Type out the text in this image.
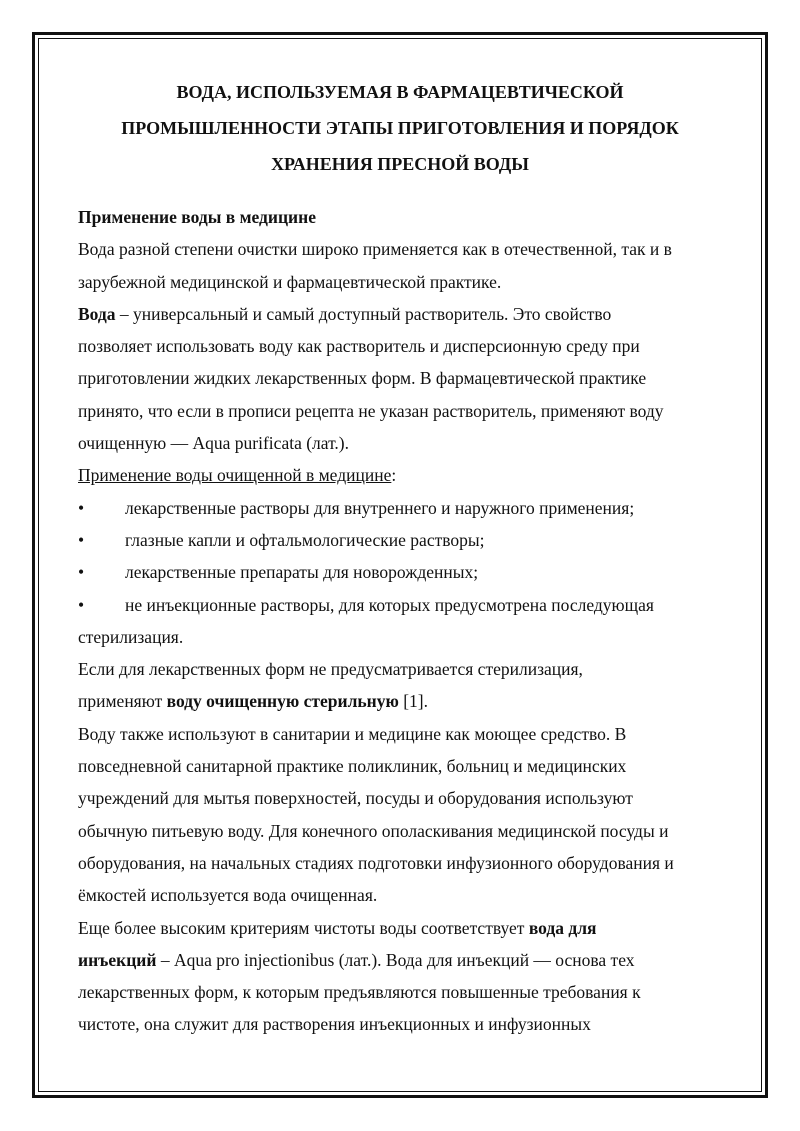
ВОДА, ИСПОЛЬЗУЕМАЯ В ФАРМАЦЕВТИЧЕСКОЙ
ПРОМЫШЛЕННОСТИ ЭТАПЫ ПРИГОТОВЛЕНИЯ И ПОРЯДОК
ХРАНЕНИЯ ПРЕСНОЙ ВОДЫ
Применение воды в медицине
Вода разной степени очистки широко применяется как в отечественной, так и в
зарубежной медицинской и фармацевтической практике.
Вода – универсальный и самый доступный растворитель. Это свойство
позволяет использовать воду как растворитель и дисперсионную среду при
приготовлении жидких лекарственных форм. В фармацевтической практике
принято, что если в прописи рецепта не указан растворитель, применяют воду
очищенную — Aqua purificata (лат.).
Применение воды очищенной в медицине:
•	лекарственные растворы для внутреннего и наружного применения;
•	глазные капли и офтальмологические растворы;
•	лекарственные препараты для новорожденных;
•	не инъекционные растворы, для которых предусмотрена последующая
стерилизация.
Если для лекарственных форм не предусматривается стерилизация,
применяют воду очищенную стерильную [1].
Воду также используют в санитарии и медицине как моющее средство. В
повседневной санитарной практике поликлиник, больниц и медицинских
учреждений для мытья поверхностей, посуды и оборудования используют
обычную питьевую воду. Для конечного ополаскивания медицинской посуды и
оборудования, на начальных стадиях подготовки инфузионного оборудования и
ёмкостей используется вода очищенная.
Еще более высоким критериям чистоты воды соответствует вода для
инъекций – Aqua pro injectionibus (лат.). Вода для инъекций — основа тех
лекарственных форм, к которым предъявляются повышенные требования к
чистоте, она служит для растворения инъекционных и инфузионных
